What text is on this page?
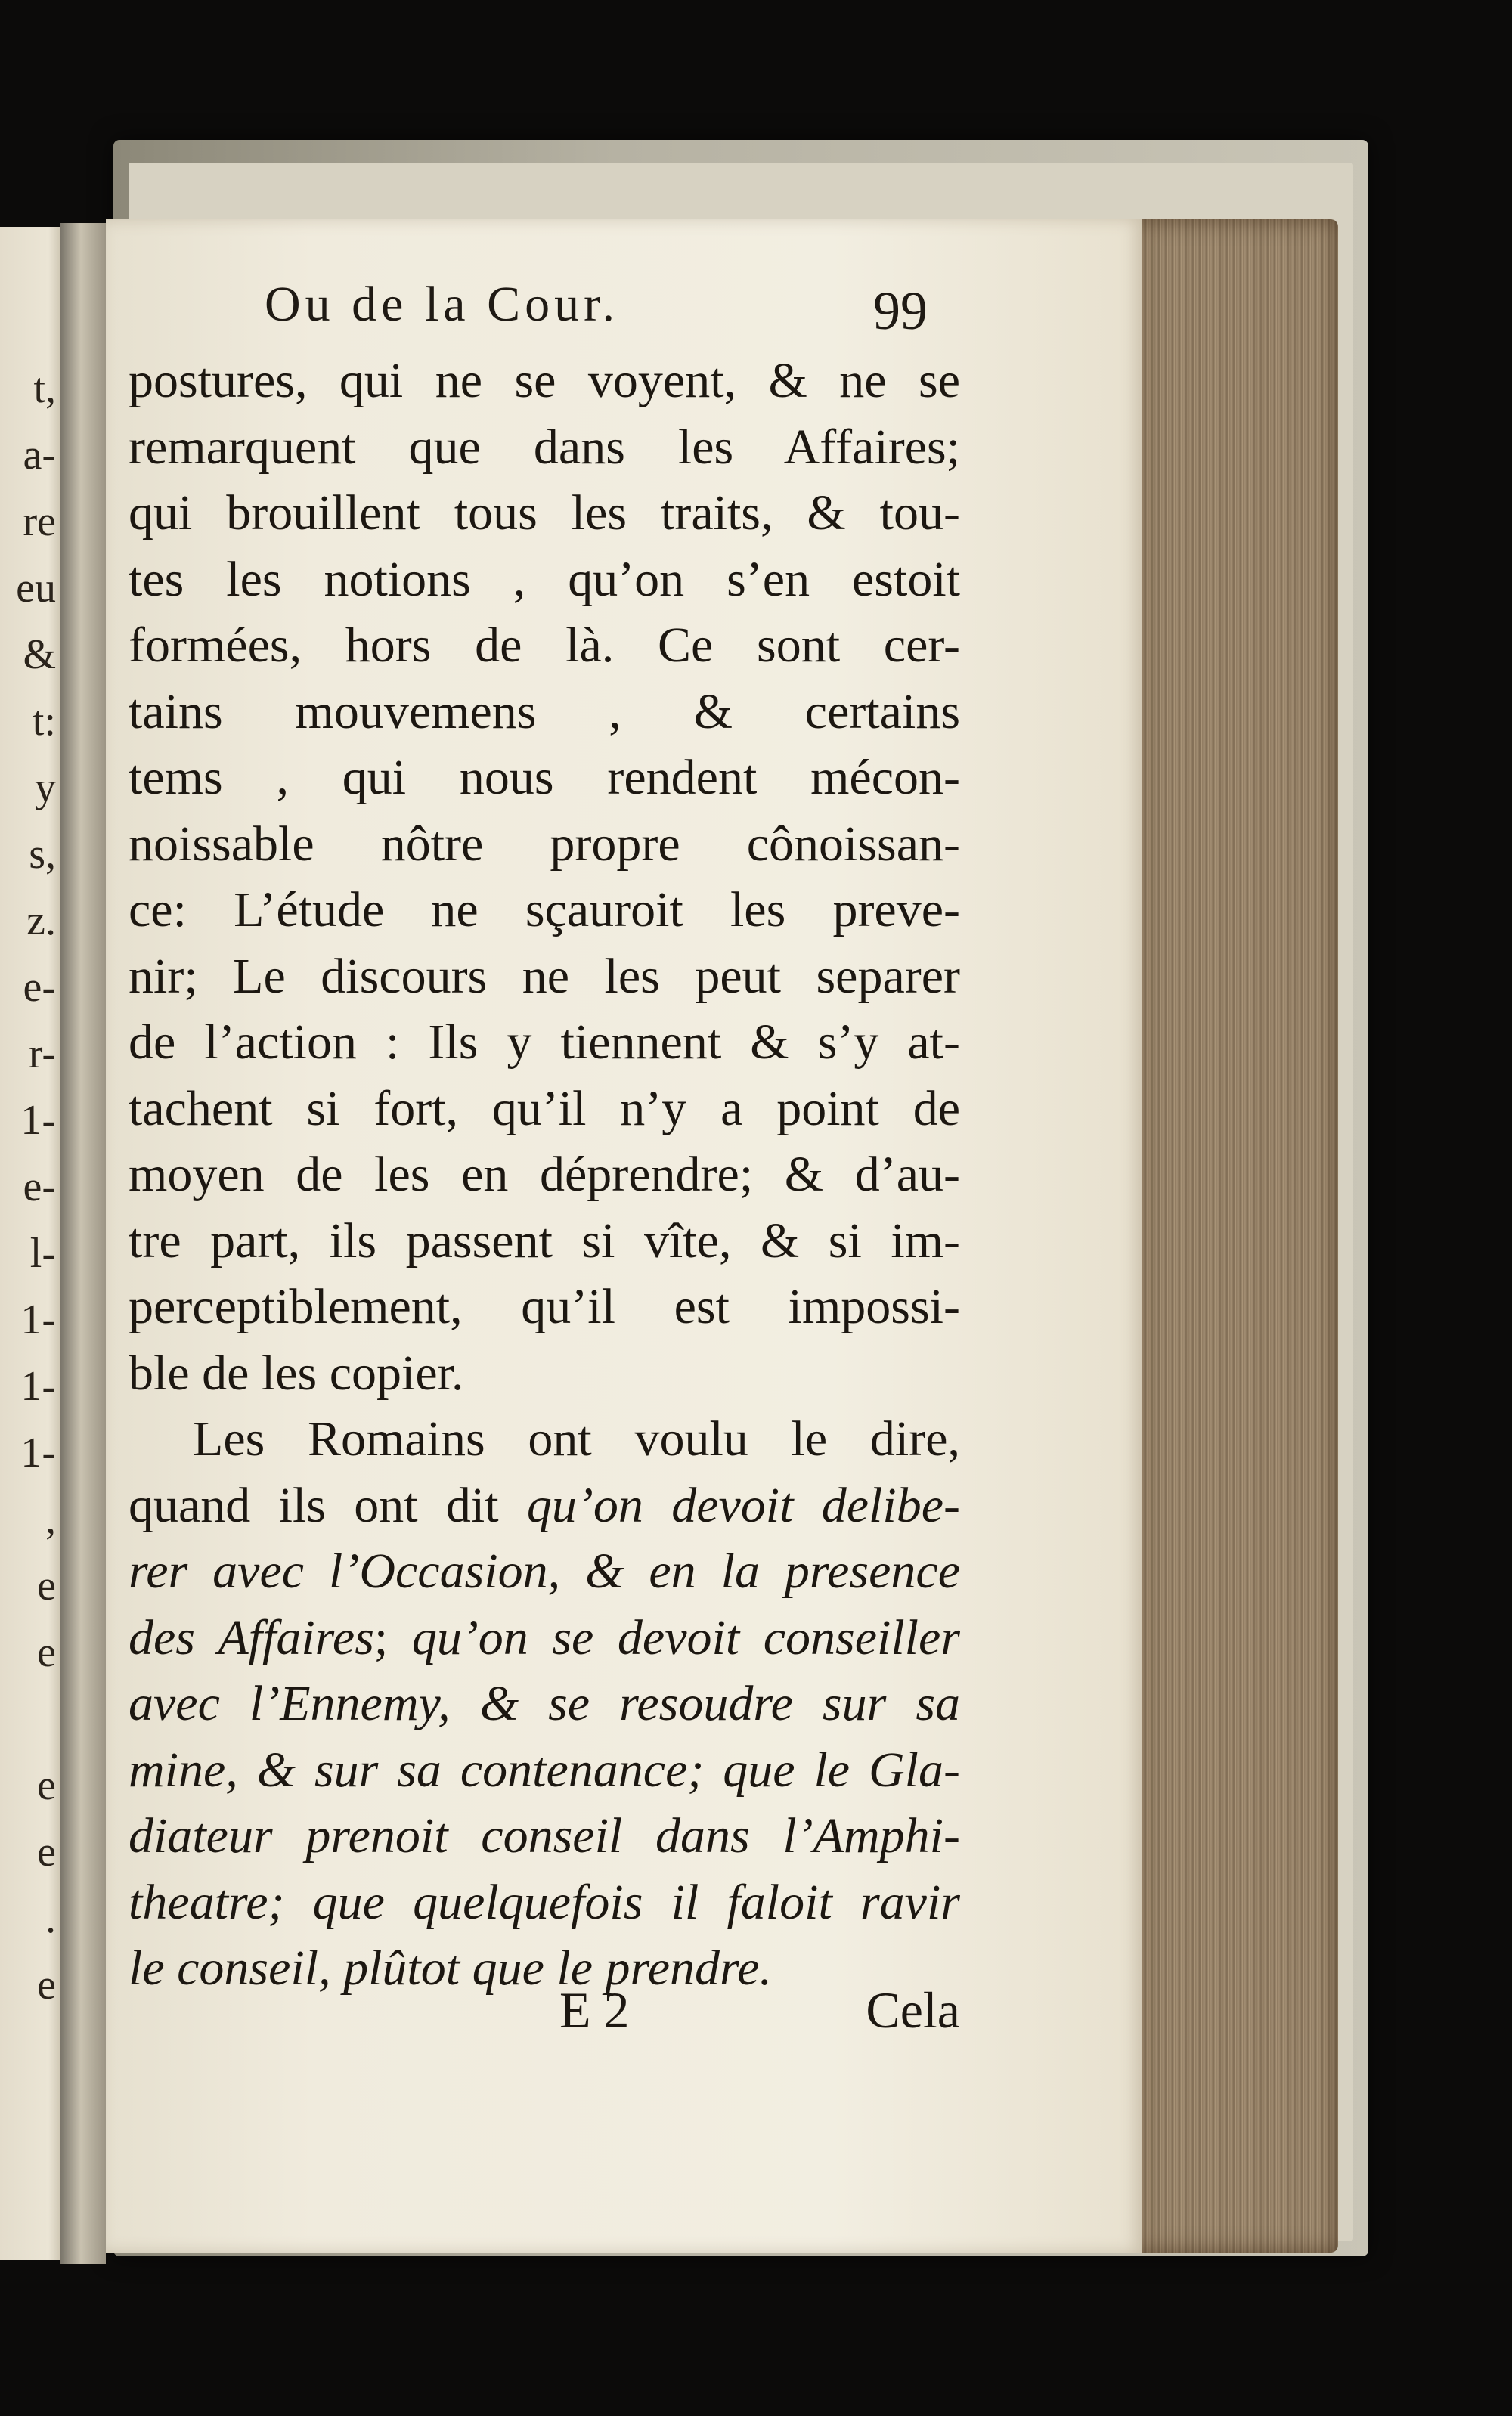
t,
a-
re
eu
&
t:
y
s,
z.
e-
r-
1-
e-
l-
1-
1-
1-
,
e
e
e
e
.
e
Ou de la Cour.	99
postures, qui ne se voyent, & ne se
remarquent que dans les Affaires;
qui brouillent tous les traits, & tou-
tes les notions , qu’on s’en estoit
formées, hors de là. Ce sont cer-
tains mouvemens , & certains
tems , qui nous rendent mécon-
noissable nôtre propre cônoissan-
ce: L’étude ne sçauroit les preve-
nir; Le discours ne les peut separer
de l’action : Ils y tiennent & s’y at-
tachent si fort, qu’il n’y a point de
moyen de les en déprendre; & d’au-
tre part, ils passent si vîte, & si im-
perceptiblement, qu’il est impossi-
ble de les copier.
Les Romains ont voulu le dire,
quand ils ont dit qu’on devoit delibe-
rer avec l’Occasion, & en la presence
des Affaires; qu’on se devoit conseiller
avec l’Ennemy, & se resoudre sur sa
mine, & sur sa contenance; que le Gla-
diateur prenoit conseil dans l’Amphi-
theatre; que quelquefois il faloit ravir
le conseil, plûtot que le prendre.
E 2	Cela
